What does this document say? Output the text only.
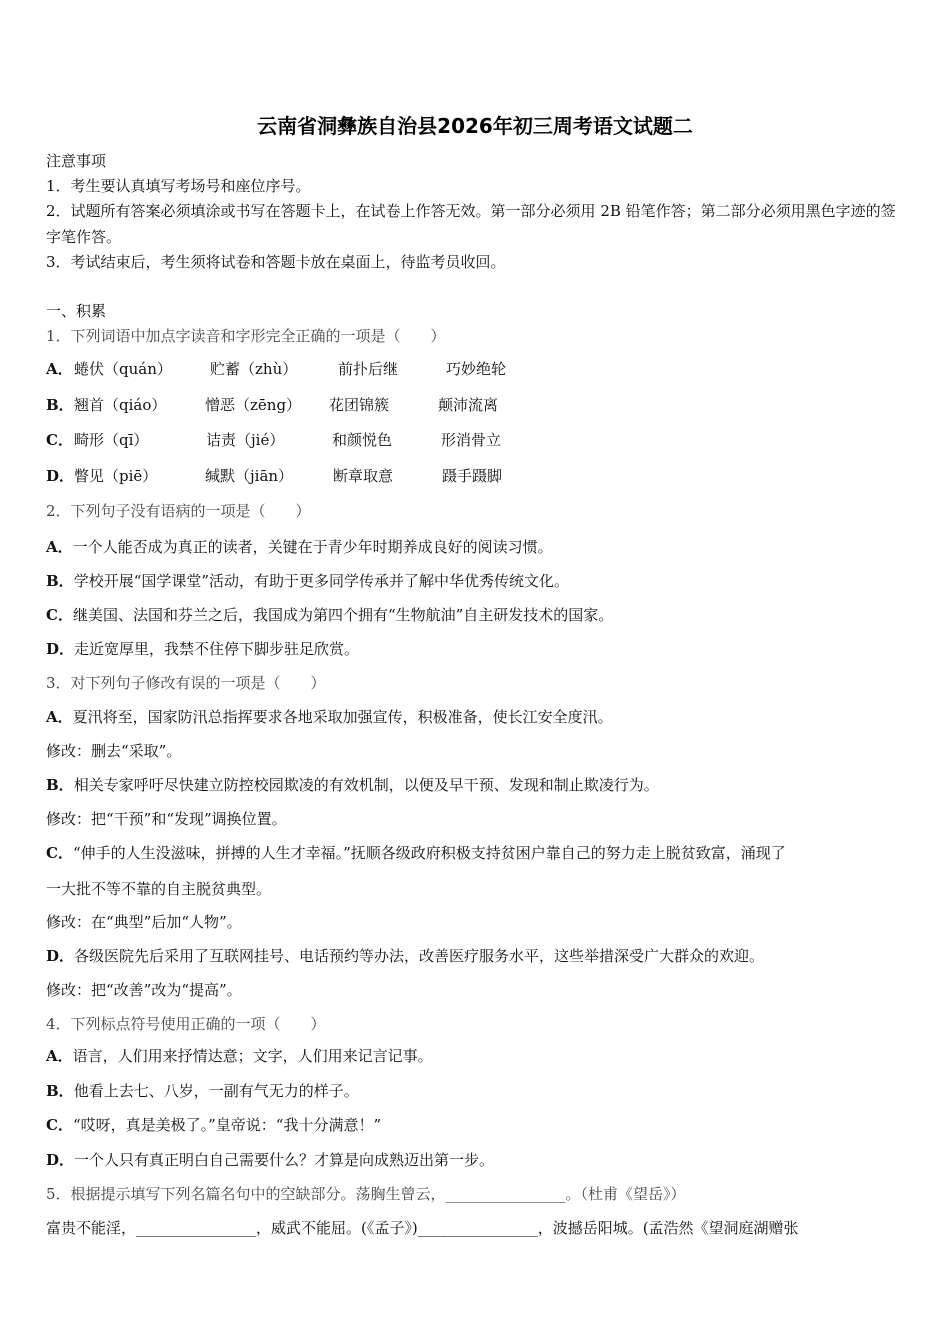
云南省洞彝族自治县2026年初三周考语文试题二
注意事项
1．考生要认真填写考场号和座位序号。
2．试题所有答案必须填涂或书写在答题卡上，在试卷上作答无效。第一部分必须用 2B 铅笔作答；第二部分必须用黑色字迹的签字笔作答。
3．考试结束后，考生须将试卷和答题卡放在桌面上，待监考员收回。
一、积累
1．下列词语中加点字读音和字形完全正确的一项是（　　）
A． 蜷伏（quán）	贮蓄（zhù）	前扑后继	巧妙绝轮
B． 翘首（qiáo）	憎恶（zēng） 花团锦簇	颠沛流离
C． 畸形（qī）	诘责（jié）	和颜悦色	形消骨立
D． 瞥见（piē）	缄默（jiān）	断章取意	蹑手蹑脚
2．下列句子没有语病的一项是（　　）
A．一个人能否成为真正的读者，关键在于青少年时期养成良好的阅读习惯。
B．学校开展“国学课堂”活动，有助于更多同学传承并了解中华优秀传统文化。
C．继美国、法国和芬兰之后，我国成为第四个拥有“生物航油”自主研发技术的国家。
D．走近宽厚里，我禁不住停下脚步驻足欣赏。
3．对下列句子修改有误的一项是（　　）
A．夏汛将至，国家防汛总指挥要求各地采取加强宣传，积极准备，使长江安全度汛。
修改：删去“采取”。
B．相关专家呼吁尽快建立防控校园欺凌的有效机制，以便及早干预、发现和制止欺凌行为。
修改：把“干预”和“发现”调换位置。
C．“伸手的人生没滋味，拼搏的人生才幸福。”抚顺各级政府积极支持贫困户靠自己的努力走上脱贫致富，涌现了
一大批不等不靠的自主脱贫典型。
修改：在“典型”后加“人物”。
D．各级医院先后采用了互联网挂号、电话预约等办法，改善医疗服务水平，这些举措深受广大群众的欢迎。
修改：把“改善”改为“提高”。
4．下列标点符号使用正确的一项（　　）
A．语言，人们用来抒情达意；文字，人们用来记言记事。
B．他看上去七、八岁，一副有气无力的样子。
C．“哎呀，真是美极了。”皇帝说：“我十分满意！”
D．一个人只有真正明白自己需要什么？才算是向成熟迈出第一步。
5．根据提示填写下列名篇名句中的空缺部分。荡胸生曾云，________________。（杜甫《望岳》）
富贵不能淫，________________，威武不能屈。(《孟子》)________________，波撼岳阳城。(孟浩然《望洞庭湖赠张
